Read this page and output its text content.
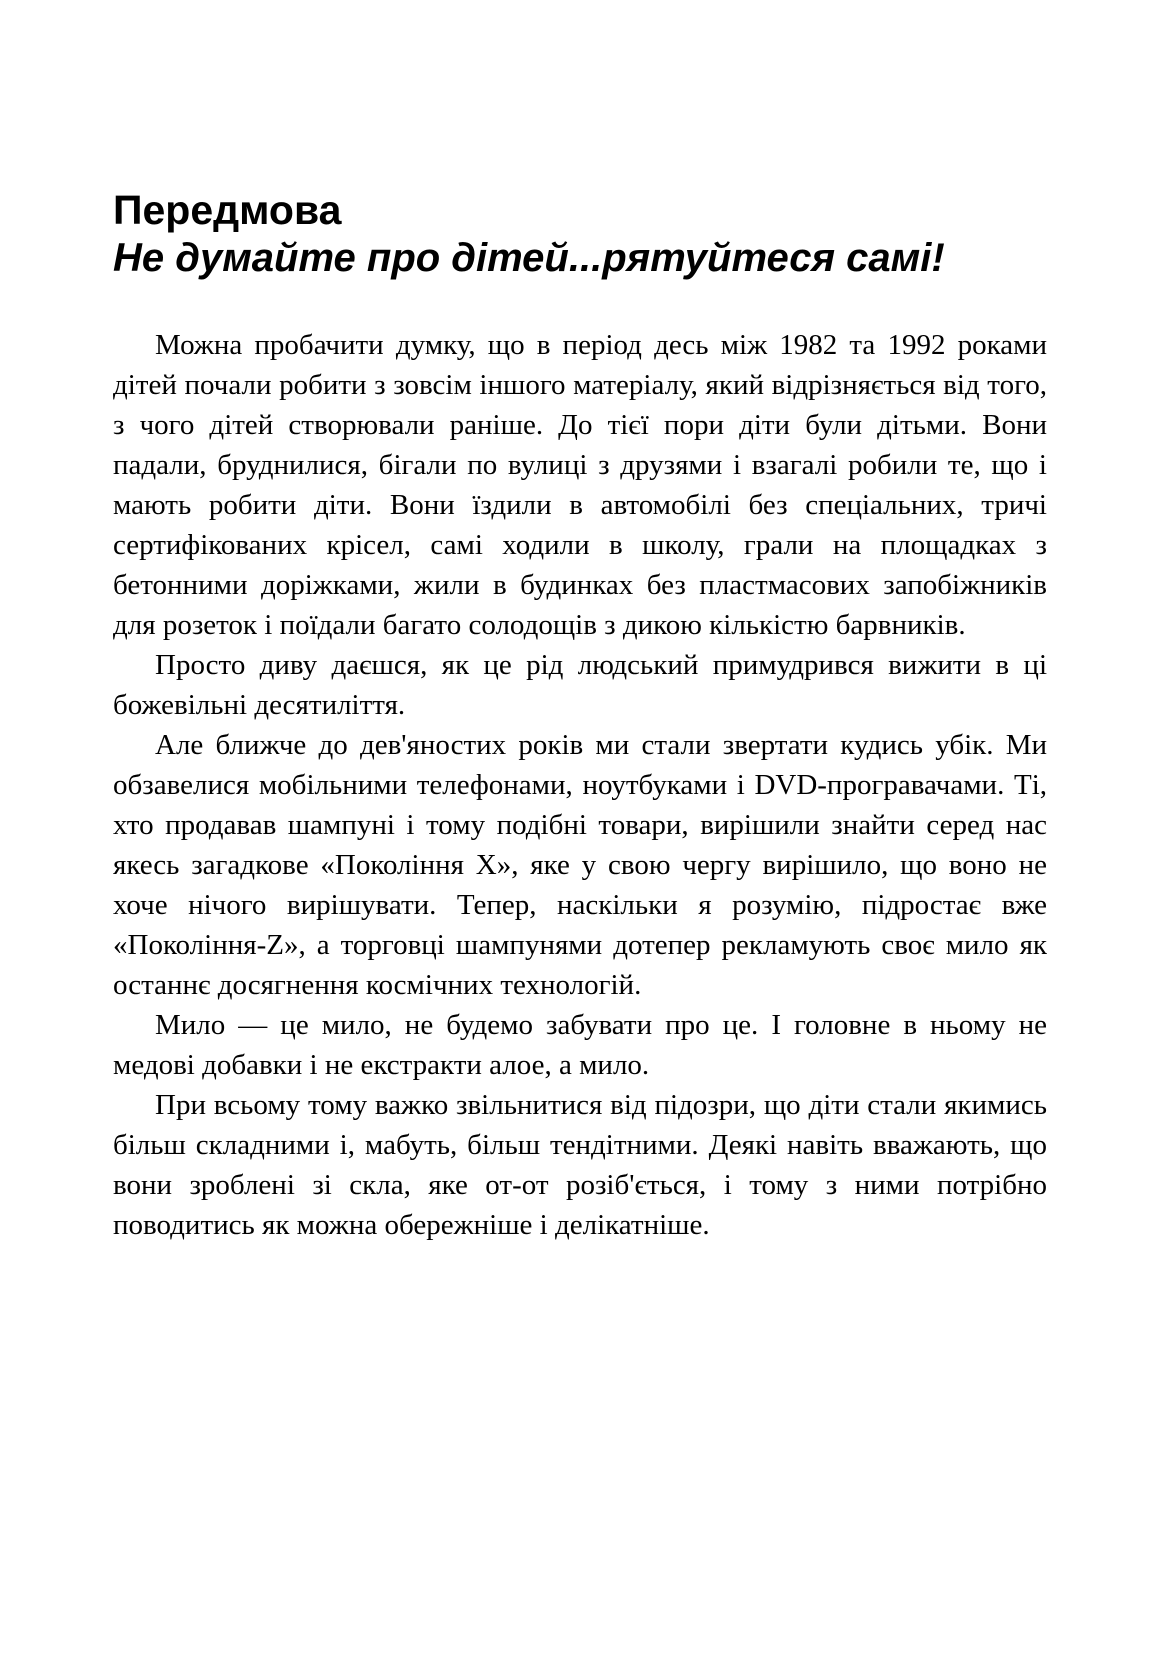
Передмова
Не думайте про дітей...рятуйтеся самі!

Можна пробачити думку, що в період десь між 1982 та 1992 роками дітей почали робити з зовсім іншого матеріалу, який відрізняється від того, з чого дітей створювали раніше. До тієї пори діти були дітьми. Вони падали, бруднилися, бігали по вулиці з друзями і взагалі робили те, що і мають робити діти. Вони їздили в автомобілі без спеціальних, тричі сертифікованих крісел, самі ходили в школу, грали на площадках з бетонними доріжками, жили в будинках без пластмасових запобіжників для розеток і поїдали багато солодощів з дикою кількістю барвників.

Просто диву даєшся, як це рід людський примудрився вижити в ці божевільні десятиліття.

Але ближче до дев'яностих років ми стали звертати кудись убік. Ми обзавелися мобільними телефонами, ноутбуками і DVD-програвачами. Ті, хто продавав шампуні і тому подібні товари, вирішили знайти серед нас якесь загадкове «Покоління X», яке у свою чергу вирішило, що воно не хоче нічого вирішувати. Тепер, наскільки я розумію, підростає вже «Покоління-Z», а торговці шампунями дотепер рекламують своє мило як останнє досягнення космічних технологій.

Мило — це мило, не будемо забувати про це. І головне в ньому не медові добавки і не екстракти алое, а мило.

При всьому тому важко звільнитися від підозри, що діти стали якимись більш складними і, мабуть, більш тендітними. Деякі навіть вважають, що вони зроблені зі скла, яке от-от розіб'ється, і тому з ними потрібно поводитись як можна обережніше і делікатніше.
